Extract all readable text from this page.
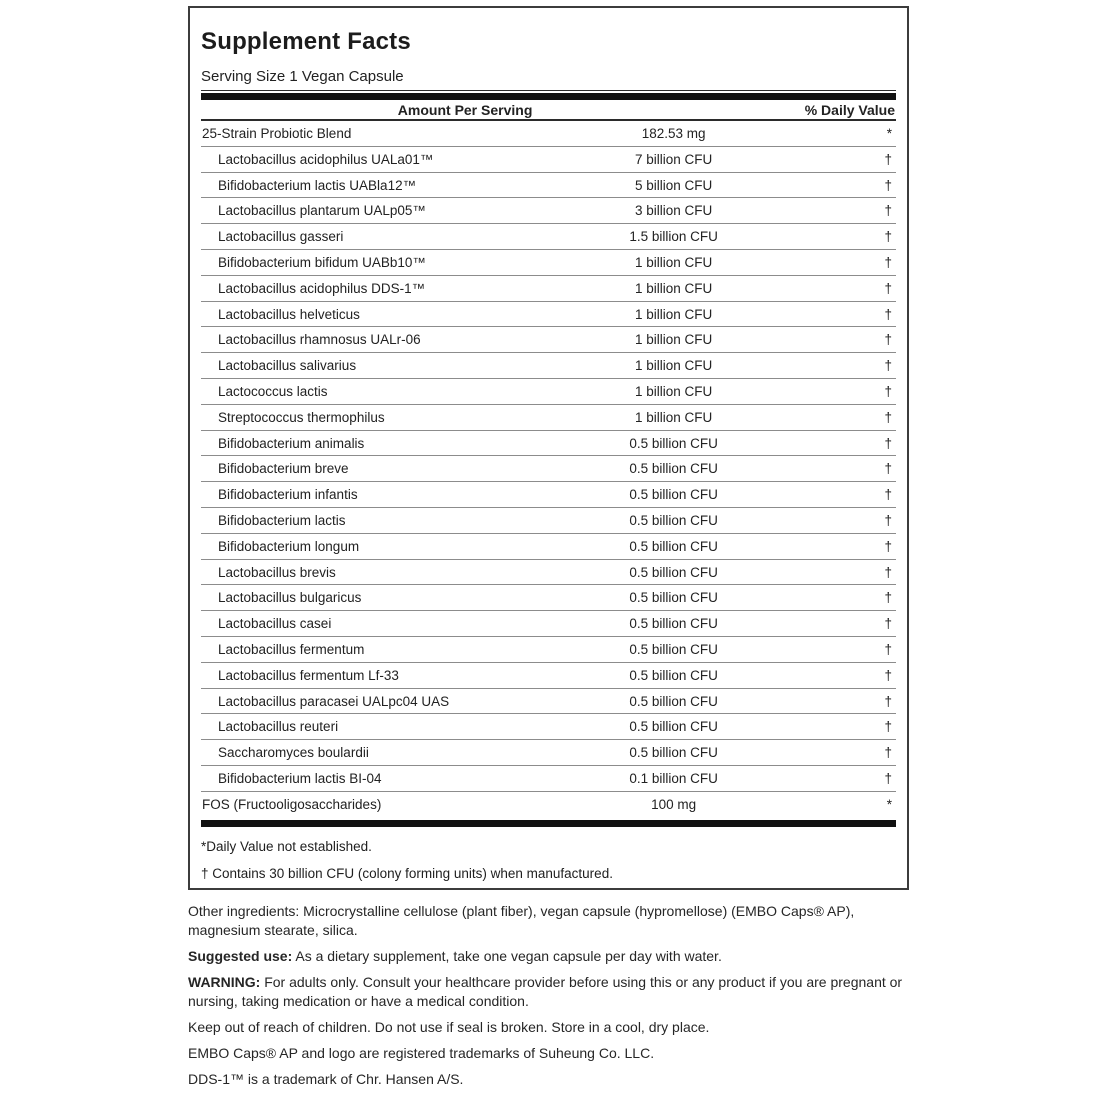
Supplement Facts
Serving Size 1 Vegan Capsule
Amount Per Serving	% Daily Value
25-Strain Probiotic Blend	182.53 mg	*
Lactobacillus acidophilus UALa01™	7 billion CFU	†
Bifidobacterium lactis UABla12™	5 billion CFU	†
Lactobacillus plantarum UALp05™	3 billion CFU	†
Lactobacillus gasseri	1.5 billion CFU	†
Bifidobacterium bifidum UABb10™	1 billion CFU	†
Lactobacillus acidophilus DDS-1™	1 billion CFU	†
Lactobacillus helveticus	1 billion CFU	†
Lactobacillus rhamnosus UALr-06	1 billion CFU	†
Lactobacillus salivarius	1 billion CFU	†
Lactococcus lactis	1 billion CFU	†
Streptococcus thermophilus	1 billion CFU	†
Bifidobacterium animalis	0.5 billion CFU	†
Bifidobacterium breve	0.5 billion CFU	†
Bifidobacterium infantis	0.5 billion CFU	†
Bifidobacterium lactis	0.5 billion CFU	†
Bifidobacterium longum	0.5 billion CFU	†
Lactobacillus brevis	0.5 billion CFU	†
Lactobacillus bulgaricus	0.5 billion CFU	†
Lactobacillus casei	0.5 billion CFU	†
Lactobacillus fermentum	0.5 billion CFU	†
Lactobacillus fermentum Lf-33	0.5 billion CFU	†
Lactobacillus paracasei UALpc04 UAS	0.5 billion CFU	†
Lactobacillus reuteri	0.5 billion CFU	†
Saccharomyces boulardii	0.5 billion CFU	†
Bifidobacterium lactis BI-04	0.1 billion CFU	†
FOS (Fructooligosaccharides)	100 mg	*

*Daily Value not established.

† Contains 30 billion CFU (colony forming units) when manufactured.

Other ingredients: Microcrystalline cellulose (plant fiber), vegan capsule (hypromellose) (EMBO Caps® AP), magnesium stearate, silica.

Suggested use: As a dietary supplement, take one vegan capsule per day with water.

WARNING: For adults only. Consult your healthcare provider before using this or any product if you are pregnant or nursing, taking medication or have a medical condition.

Keep out of reach of children. Do not use if seal is broken. Store in a cool, dry place.

EMBO Caps® AP and logo are registered trademarks of Suheung Co. LLC.

DDS-1™ is a trademark of Chr. Hansen A/S.
